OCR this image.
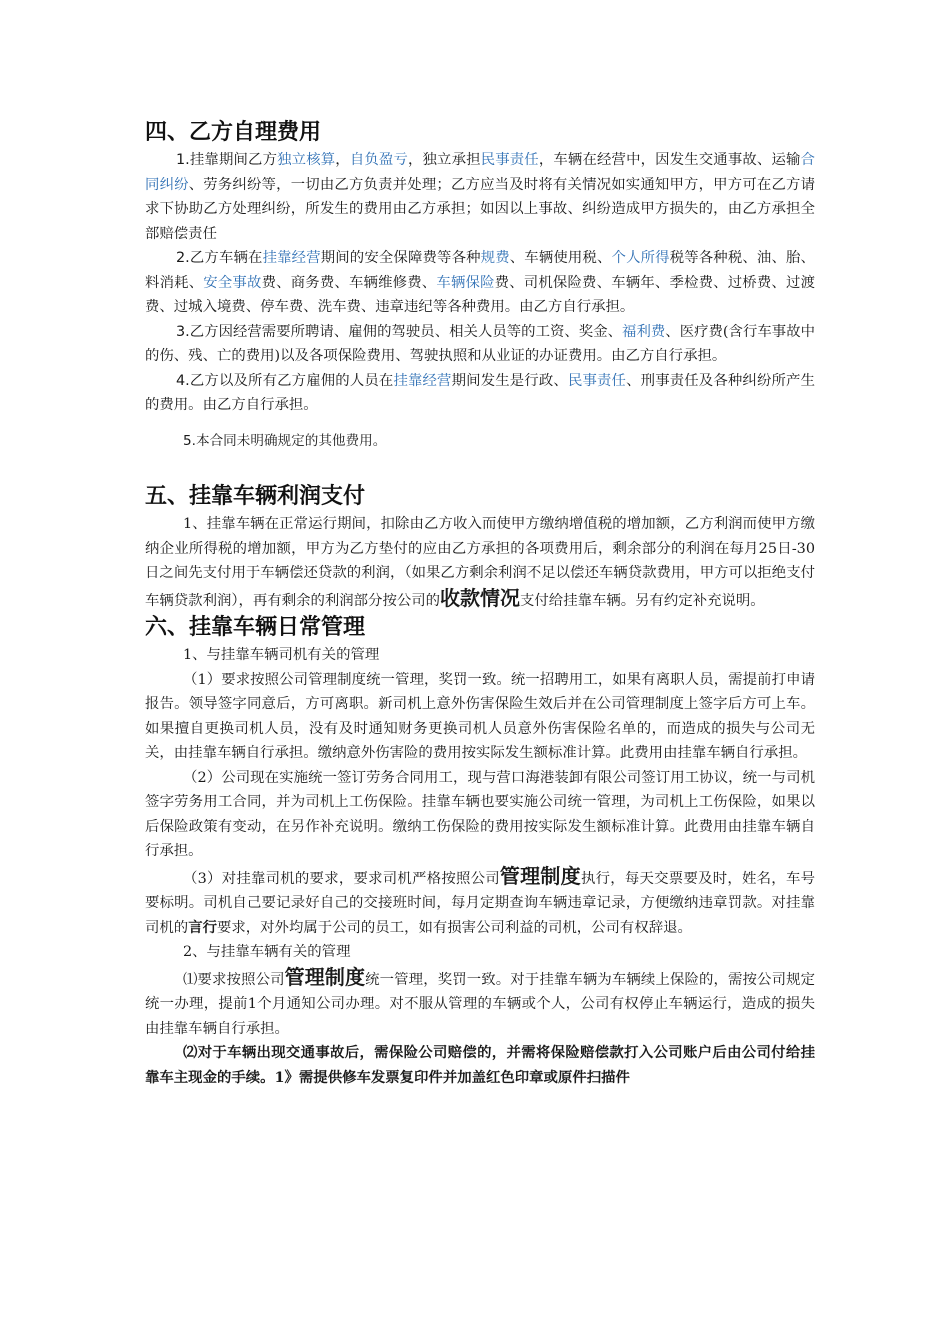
四、乙方自理费用

1.挂靠期间乙方独立核算，自负盈亏，独立承担民事责任，车辆在经营中，因发生交通事故、运输合同纠纷、劳务纠纷等，一切由乙方负责并处理；乙方应当及时将有关情况如实通知甲方，甲方可在乙方请求下协助乙方处理纠纷，所发生的费用由乙方承担；如因以上事故、纠纷造成甲方损失的，由乙方承担全部赔偿责任

2.乙方车辆在挂靠经营期间的安全保障费等各种规费、车辆使用税、个人所得税等各种税、油、胎、料消耗、安全事故费、商务费、车辆维修费、车辆保险费、司机保险费、车辆年、季检费、过桥费、过渡费、过城入境费、停车费、洗车费、违章违纪等各种费用。由乙方自行承担。

3.乙方因经营需要所聘请、雇佣的驾驶员、相关人员等的工资、奖金、福利费、医疗费(含行车事故中的伤、残、亡的费用)以及各项保险费用、驾驶执照和从业证的办证费用。由乙方自行承担。

4.乙方以及所有乙方雇佣的人员在挂靠经营期间发生是行政、民事责任、刑事责任及各种纠纷所产生的费用。由乙方自行承担。

5.本合同未明确规定的其他费用。

五、挂靠车辆利润支付

1、挂靠车辆在正常运行期间，扣除由乙方收入而使甲方缴纳增值税的增加额，乙方利润而使甲方缴纳企业所得税的增加额，甲方为乙方垫付的应由乙方承担的各项费用后，剩余部分的利润在每月25日-30日之间先支付用于车辆偿还贷款的利润，（如果乙方剩余利润不足以偿还车辆贷款费用，甲方可以拒绝支付车辆贷款利润），再有剩余的利润部分按公司的收款情况支付给挂靠车辆。另有约定补充说明。

六、挂靠车辆日常管理

1、与挂靠车辆司机有关的管理

（1）要求按照公司管理制度统一管理，奖罚一致。统一招聘用工，如果有离职人员，需提前打申请报告。领导签字同意后，方可离职。新司机上意外伤害保险生效后并在公司管理制度上签字后方可上车。如果擅自更换司机人员，没有及时通知财务更换司机人员意外伤害保险名单的，而造成的损失与公司无关，由挂靠车辆自行承担。缴纳意外伤害险的费用按实际发生额标准计算。此费用由挂靠车辆自行承担。

（2）公司现在实施统一签订劳务合同用工，现与营口海港装卸有限公司签订用工协议，统一与司机签字劳务用工合同，并为司机上工伤保险。挂靠车辆也要实施公司统一管理，为司机上工伤保险，如果以后保险政策有变动，在另作补充说明。缴纳工伤保险的费用按实际发生额标准计算。此费用由挂靠车辆自行承担。

（3）对挂靠司机的要求，要求司机严格按照公司管理制度执行，每天交票要及时，姓名，车号要标明。司机自己要记录好自己的交接班时间，每月定期查询车辆违章记录，方便缴纳违章罚款。对挂靠司机的言行要求，对外均属于公司的员工，如有损害公司利益的司机，公司有权辞退。

2、与挂靠车辆有关的管理

⑴要求按照公司管理制度统一管理，奖罚一致。对于挂靠车辆为车辆续上保险的，需按公司规定统一办理，提前1个月通知公司办理。对不服从管理的车辆或个人，公司有权停止车辆运行，造成的损失由挂靠车辆自行承担。

⑵对于车辆出现交通事故后，需保险公司赔偿的，并需将保险赔偿款打入公司账户后由公司付给挂靠车主现金的手续。1》需提供修车发票复印件并加盖红色印章或原件扫描件
